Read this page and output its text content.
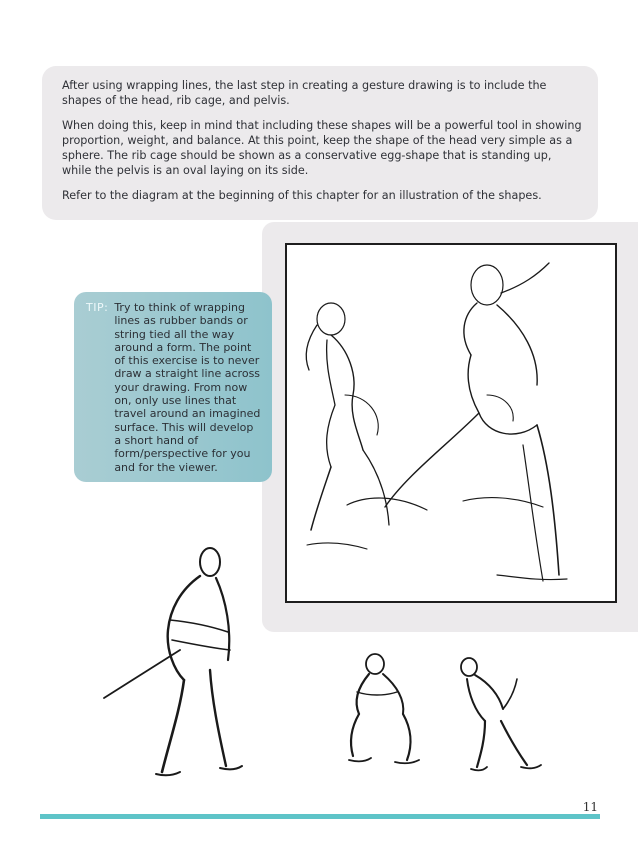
After using wrapping lines, the last step in creating a gesture drawing is to include the shapes of the head, rib cage, and pelvis.

When doing this, keep in mind that including these shapes will be a powerful tool in showing proportion, weight, and balance. At this point, keep the shape of the head very simple as a sphere. The rib cage should be shown as a conservative egg-shape that is standing up, while the pelvis is an oval laying on its side.

Refer to the diagram at the beginning of this chapter for an illustration of the shapes.

TIP: Try to think of wrapping lines as rubber bands or string tied all the way around a form. The point of this exercise is to never draw a straight line across your drawing. From now on, only use lines that travel around an imagined surface. This will develop a short hand of form/perspective for you and for the viewer.
11
